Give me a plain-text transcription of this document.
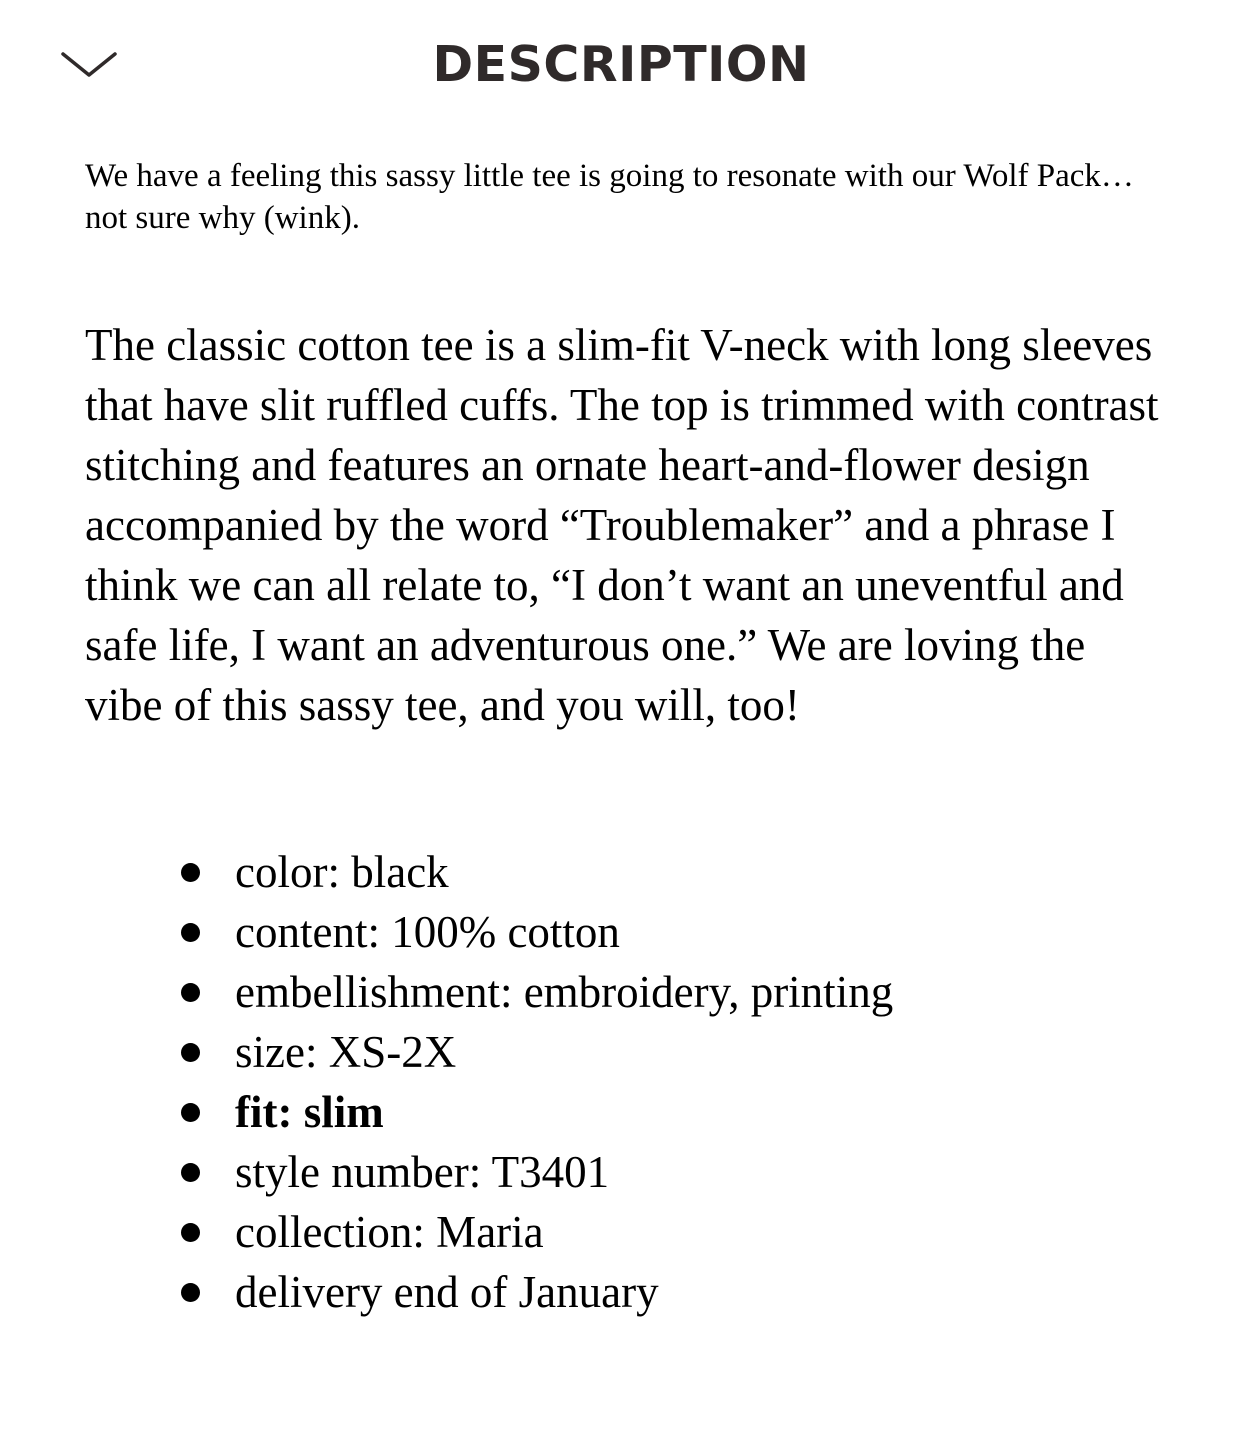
DESCRIPTION

We have a feeling this sassy little tee is going to resonate with our Wolf Pack… not sure why (wink).

The classic cotton tee is a slim-fit V-neck with long sleeves that have slit ruffled cuffs. The top is trimmed with contrast stitching and features an ornate heart-and-flower design accompanied by the word “Troublemaker” and a phrase I think we can all relate to, “I don’t want an uneventful and safe life, I want an adventurous one.” We are loving the vibe of this sassy tee, and you will, too!

color: black
content: 100% cotton
embellishment: embroidery, printing
size: XS-2X
fit: slim
style number: T3401
collection: Maria
delivery end of January
